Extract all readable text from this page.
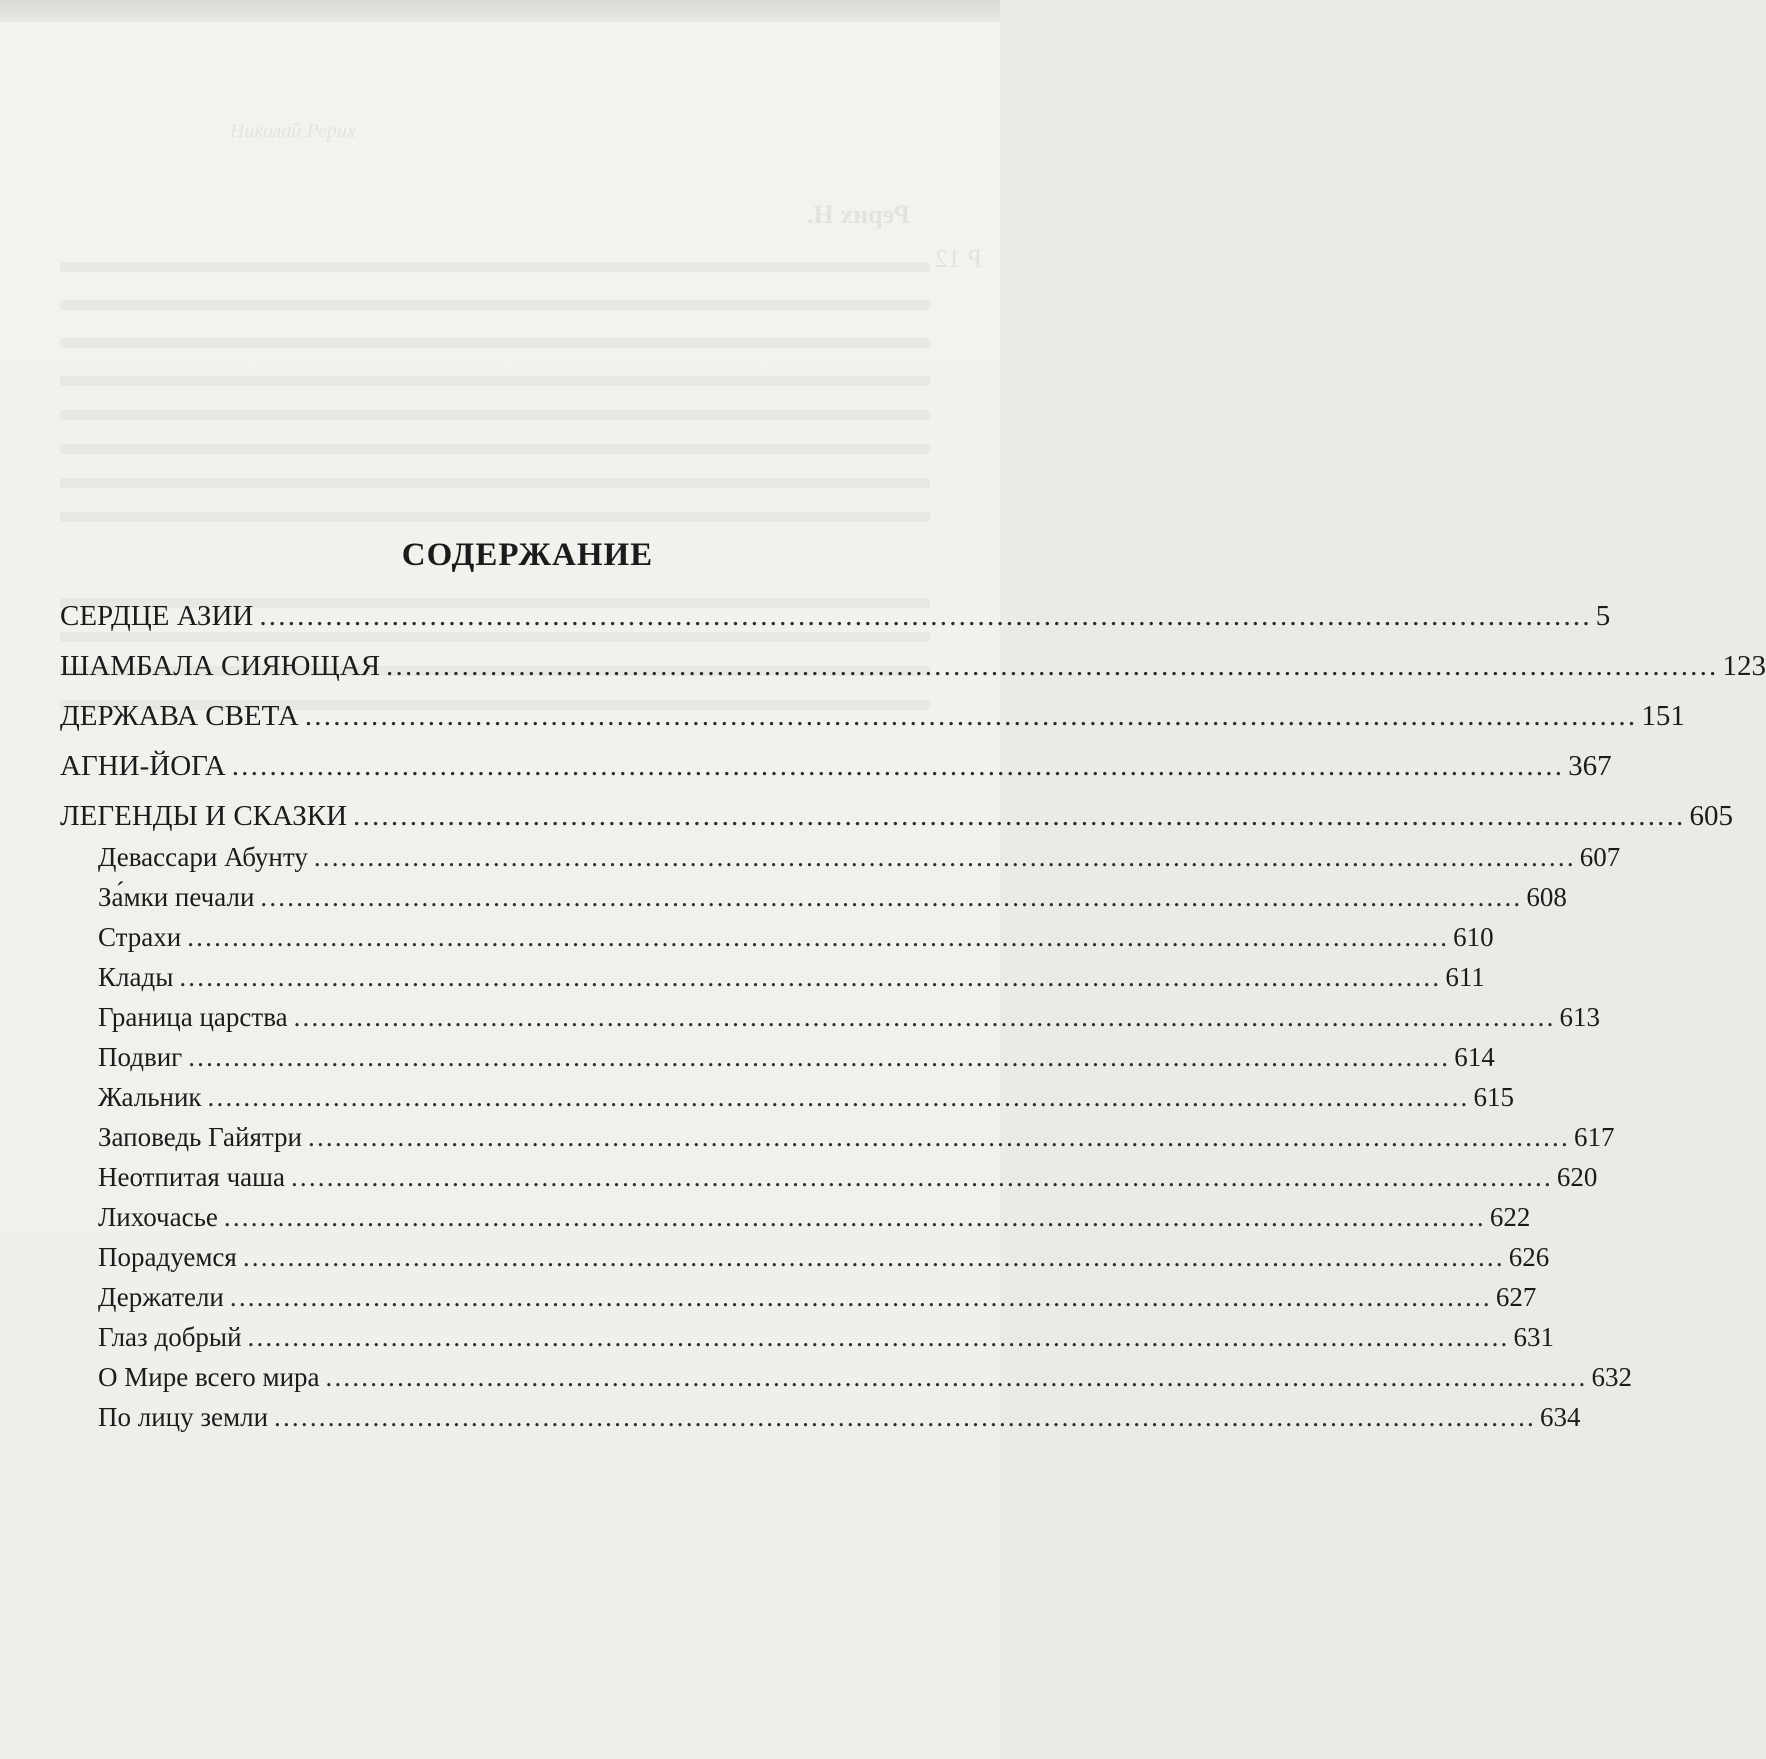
Николай Рерих
Рерих Н.
Р 12
СОДЕРЖАНИЕ
СЕРДЦЕ АЗИИ ............................................................................................................................................. 5
ШАМБАЛА СИЯЮЩАЯ ............................................................................................................................................. 123
ДЕРЖАВА СВЕТА ............................................................................................................................................. 151
АГНИ-ЙОГА ............................................................................................................................................. 367
ЛЕГЕНДЫ И СКАЗКИ ............................................................................................................................................. 605
Девассари Абунту ............................................................................................................................................. 607
За́мки печали ............................................................................................................................................. 608
Страхи ............................................................................................................................................. 610
Клады ............................................................................................................................................. 611
Граница царства ............................................................................................................................................. 613
Подвиг ............................................................................................................................................. 614
Жальник ............................................................................................................................................. 615
Заповедь Гайятри ............................................................................................................................................. 617
Неотпитая чаша ............................................................................................................................................. 620
Лихочасье ............................................................................................................................................. 622
Порадуемся ............................................................................................................................................. 626
Держатели ............................................................................................................................................. 627
Глаз добрый ............................................................................................................................................. 631
О Мире всего мира ............................................................................................................................................. 632
По лицу земли ............................................................................................................................................. 634
